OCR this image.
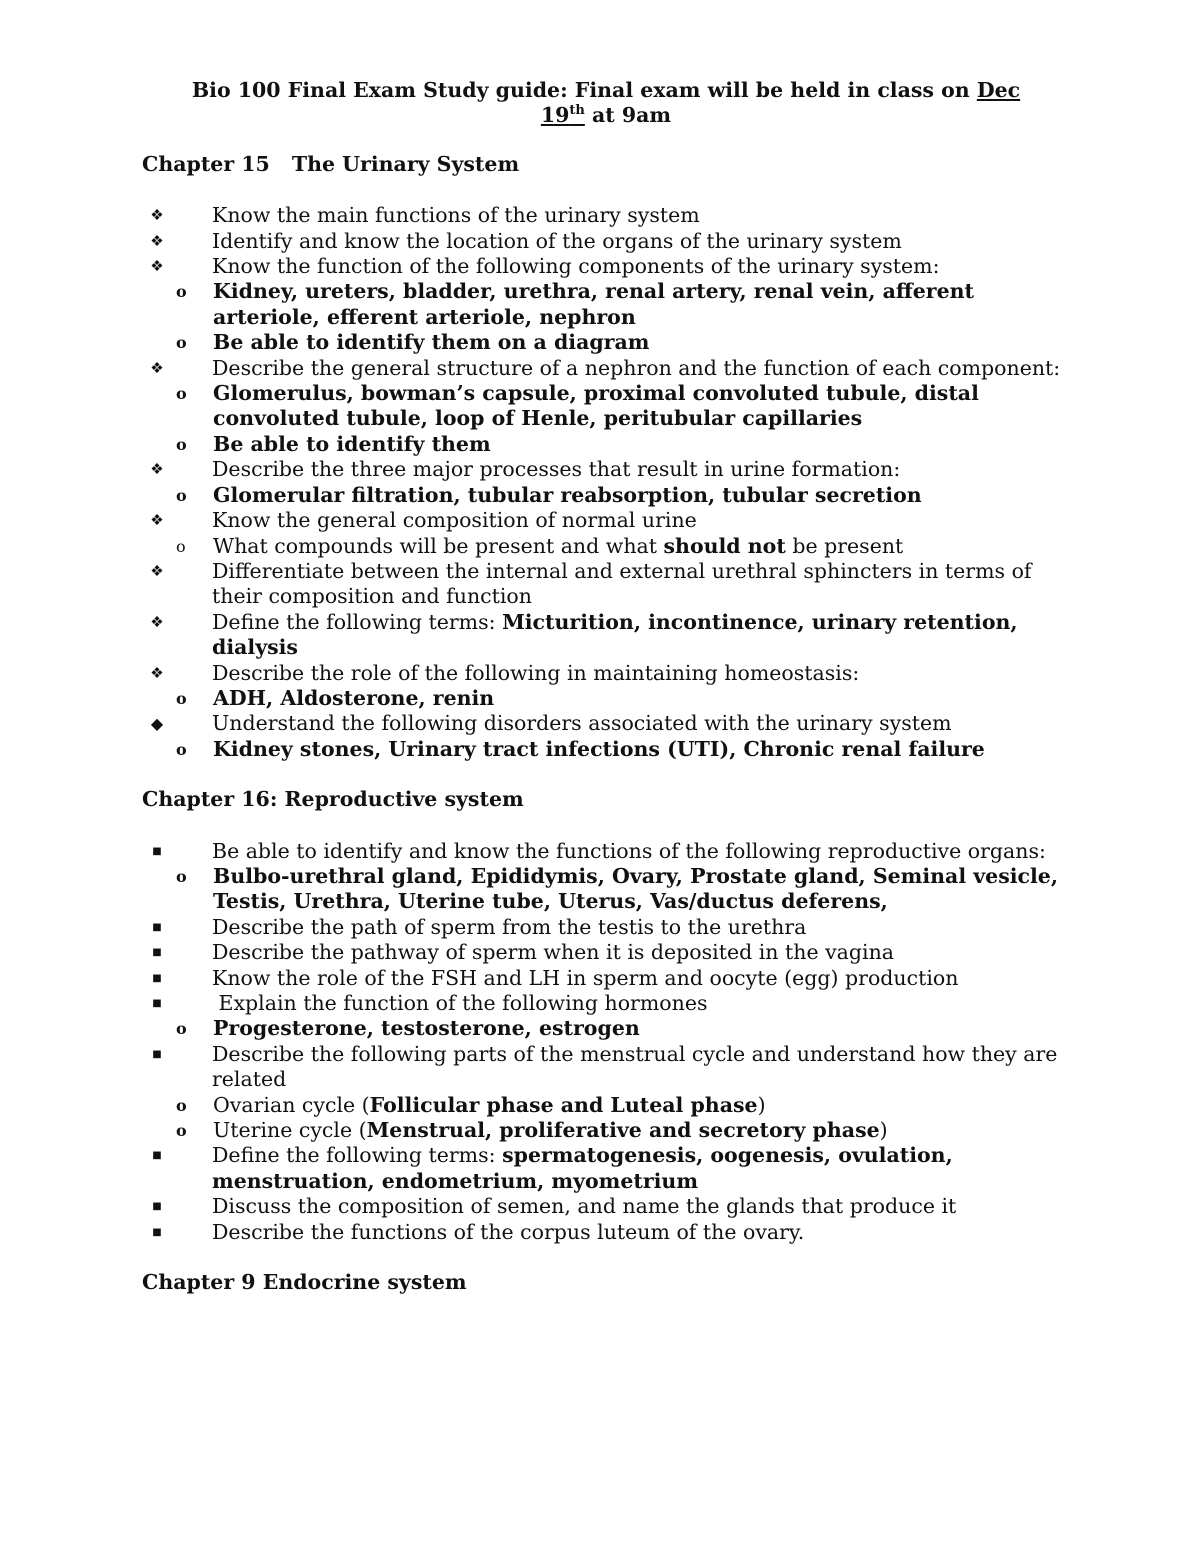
Bio 100 Final Exam Study guide: Final exam will be held in class on Dec
19th at 9am
Chapter 15 The Urinary System
❖	Know the main functions of the urinary system
❖	Identify and know the location of the organs of the urinary system
❖	Know the function of the following components of the urinary system:
o Kidney, ureters, bladder, urethra, renal artery, renal vein, afferent arteriole, efferent arteriole, nephron
o Be able to identify them on a diagram
❖	Describe the general structure of a nephron and the function of each component:
o Glomerulus, bowman’s capsule, proximal convoluted tubule, distal convoluted tubule, loop of Henle, peritubular capillaries
o Be able to identify them
❖	Describe the three major processes that result in urine formation:
o Glomerular filtration, tubular reabsorption, tubular secretion
❖	Know the general composition of normal urine
o What compounds will be present and what should not be present
❖	Differentiate between the internal and external urethral sphincters in terms of their composition and function
❖	Define the following terms: Micturition, incontinence, urinary retention, dialysis
❖	Describe the role of the following in maintaining homeostasis:
o ADH, Aldosterone, renin
◆	Understand the following disorders associated with the urinary system
o Kidney stones, Urinary tract infections (UTI), Chronic renal failure
Chapter 16: Reproductive system
■	Be able to identify and know the functions of the following reproductive organs:
o Bulbo-urethral gland, Epididymis, Ovary, Prostate gland, Seminal vesicle, Testis, Urethra, Uterine tube, Uterus, Vas/ductus deferens,
■	Describe the path of sperm from the testis to the urethra
■	Describe the pathway of sperm when it is deposited in the vagina
■	Know the role of the FSH and LH in sperm and oocyte (egg) production
■	Explain the function of the following hormones
o Progesterone, testosterone, estrogen
■	Describe the following parts of the menstrual cycle and understand how they are related
o Ovarian cycle (Follicular phase and Luteal phase)
o Uterine cycle (Menstrual, proliferative and secretory phase)
■	Define the following terms: spermatogenesis, oogenesis, ovulation, menstruation, endometrium, myometrium
■	Discuss the composition of semen, and name the glands that produce it
■	Describe the functions of the corpus luteum of the ovary.
Chapter 9 Endocrine system
